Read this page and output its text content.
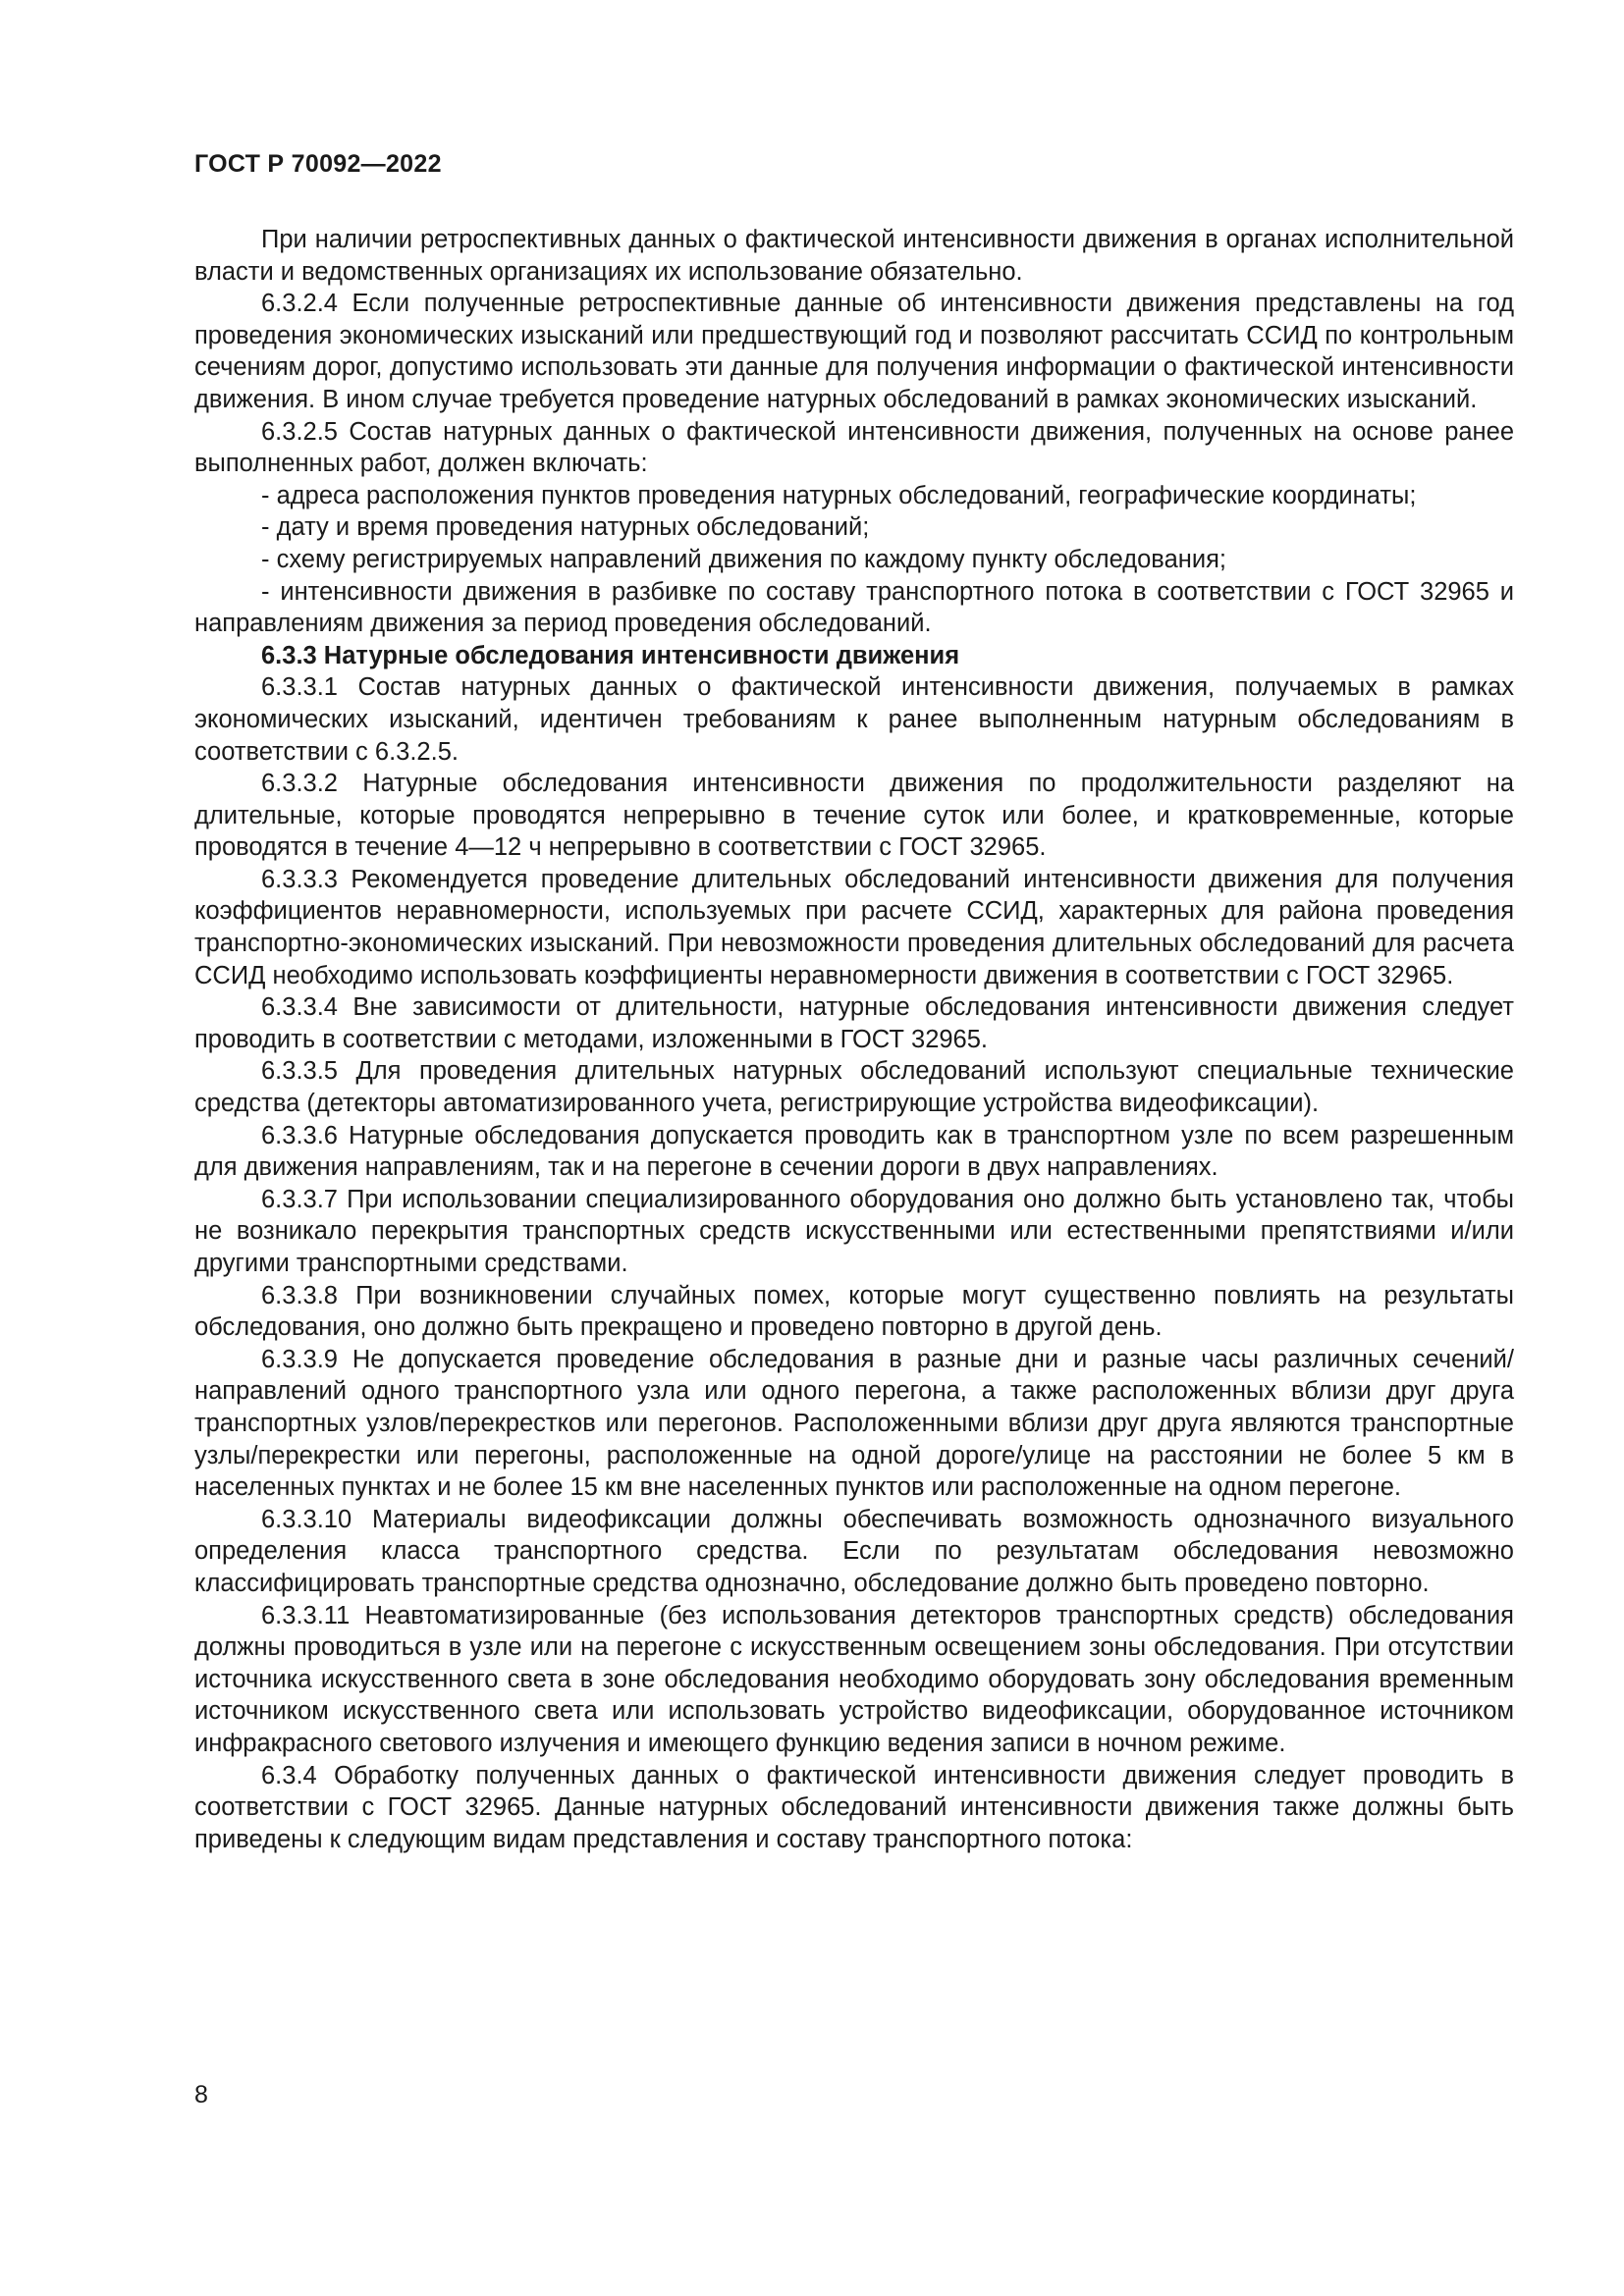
ГОСТ Р 70092—2022

При наличии ретроспективных данных о фактической интенсивности движения в органах исполнительной власти и ведомственных организациях их использование обязательно.

6.3.2.4 Если полученные ретроспективные данные об интенсивности движения представлены на год проведения экономических изысканий или предшествующий год и позволяют рассчитать ССИД по контрольным сечениям дорог, допустимо использовать эти данные для получения информации о фактической интенсивности движения. В ином случае требуется проведение натурных обследований в рамках экономических изысканий.

6.3.2.5 Состав натурных данных о фактической интенсивности движения, полученных на основе ранее выполненных работ, должен включать:

- адреса расположения пунктов проведения натурных обследований, географические координаты;

- дату и время проведения натурных обследований;

- схему регистрируемых направлений движения по каждому пункту обследования;

- интенсивности движения в разбивке по составу транспортного потока в соответствии с ГОСТ 32965 и направлениям движения за период проведения обследований.

6.3.3 Натурные обследования интенсивности движения

6.3.3.1 Состав натурных данных о фактической интенсивности движения, получаемых в рамках экономических изысканий, идентичен требованиям к ранее выполненным натурным обследованиям в соответствии с 6.3.2.5.

6.3.3.2 Натурные обследования интенсивности движения по продолжительности разделяют на длительные, которые проводятся непрерывно в течение суток или более, и кратковременные, которые проводятся в течение 4—12 ч непрерывно в соответствии с ГОСТ 32965.

6.3.3.3 Рекомендуется проведение длительных обследований интенсивности движения для получения коэффициентов неравномерности, используемых при расчете ССИД, характерных для района проведения транспортно-экономических изысканий. При невозможности проведения длительных обследований для расчета ССИД необходимо использовать коэффициенты неравномерности движения в соответствии с ГОСТ 32965.

6.3.3.4 Вне зависимости от длительности, натурные обследования интенсивности движения следует проводить в соответствии с методами, изложенными в ГОСТ 32965.

6.3.3.5 Для проведения длительных натурных обследований используют специальные технические средства (детекторы автоматизированного учета, регистрирующие устройства видеофиксации).

6.3.3.6 Натурные обследования допускается проводить как в транспортном узле по всем разрешенным для движения направлениям, так и на перегоне в сечении дороги в двух направлениях.

6.3.3.7 При использовании специализированного оборудования оно должно быть установлено так, чтобы не возникало перекрытия транспортных средств искусственными или естественными препятствиями и/или другими транспортными средствами.

6.3.3.8 При возникновении случайных помех, которые могут существенно повлиять на результаты обследования, оно должно быть прекращено и проведено повторно в другой день.

6.3.3.9 Не допускается проведение обследования в разные дни и разные часы различных сечений/направлений одного транспортного узла или одного перегона, а также расположенных вблизи друг друга транспортных узлов/перекрестков или перегонов. Расположенными вблизи друг друга являются транспортные узлы/перекрестки или перегоны, расположенные на одной дороге/улице на расстоянии не более 5 км в населенных пунктах и не более 15 км вне населенных пунктов или расположенные на одном перегоне.

6.3.3.10 Материалы видеофиксации должны обеспечивать возможность однозначного визуального определения класса транспортного средства. Если по результатам обследования невозможно классифицировать транспортные средства однозначно, обследование должно быть проведено повторно.

6.3.3.11 Неавтоматизированные (без использования детекторов транспортных средств) обследования должны проводиться в узле или на перегоне с искусственным освещением зоны обследования. При отсутствии источника искусственного света в зоне обследования необходимо оборудовать зону обследования временным источником искусственного света или использовать устройство видеофиксации, оборудованное источником инфракрасного светового излучения и имеющего функцию ведения записи в ночном режиме.

6.3.4 Обработку полученных данных о фактической интенсивности движения следует проводить в соответствии с ГОСТ 32965. Данные натурных обследований интенсивности движения также должны быть приведены к следующим видам представления и составу транспортного потока:

8
